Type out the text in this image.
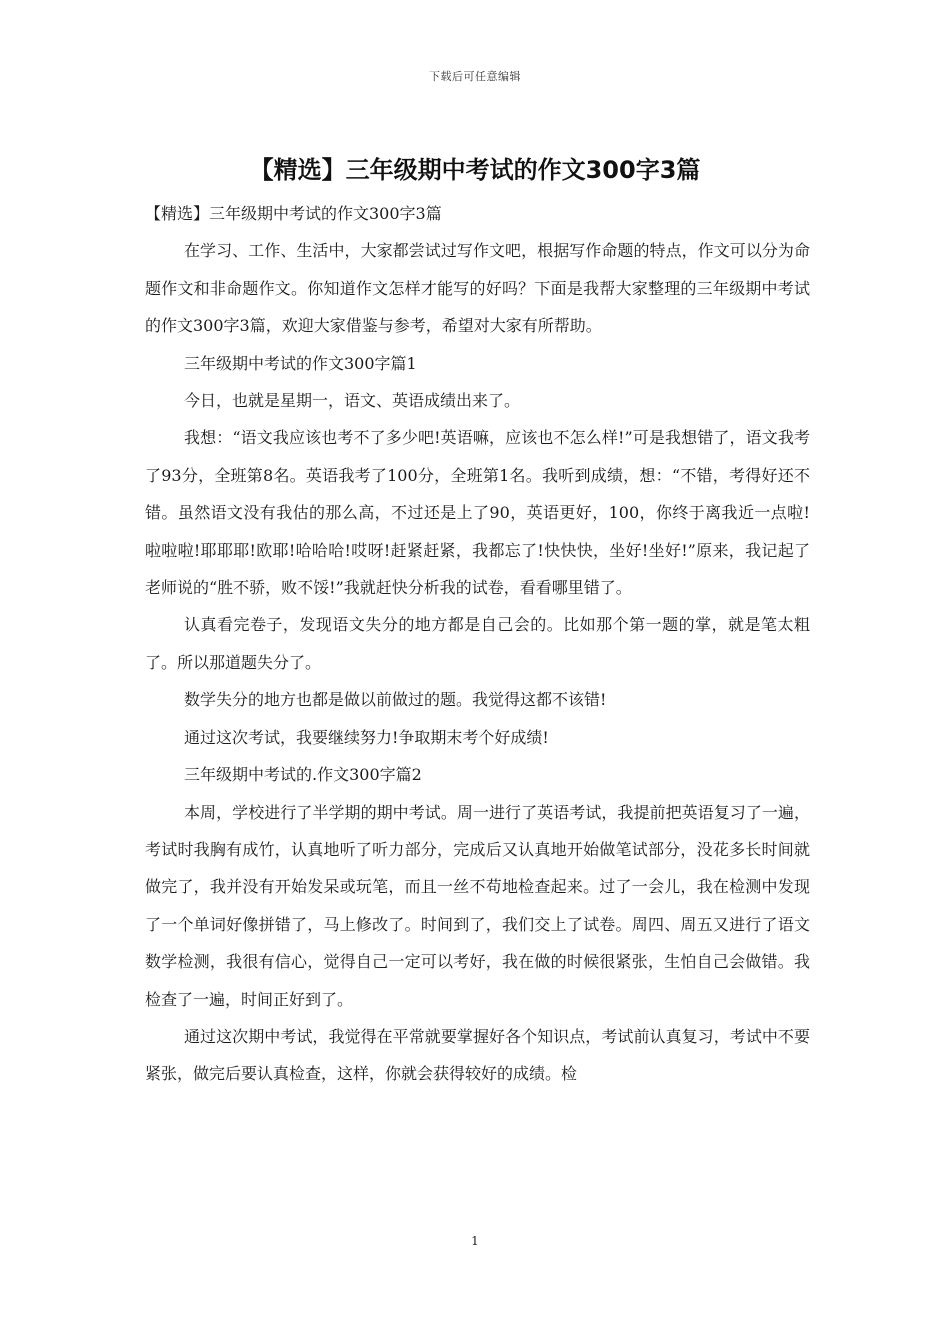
下载后可任意编辑
【精选】三年级期中考试的作文300字3篇

【精选】三年级期中考试的作文300字3篇

在学习、工作、生活中，大家都尝试过写作文吧，根据写作命题的特点，作文可以分为命题作文和非命题作文。你知道作文怎样才能写的好吗？下面是我帮大家整理的三年级期中考试的作文300字3篇，欢迎大家借鉴与参考，希望对大家有所帮助。

三年级期中考试的作文300字篇1

今日，也就是星期一，语文、英语成绩出来了。

我想：“语文我应该也考不了多少吧!英语嘛，应该也不怎么样!”可是我想错了，语文我考了93分，全班第8名。英语我考了100分，全班第1名。我听到成绩，想：“不错，考得好还不错。虽然语文没有我估的那么高，不过还是上了90，英语更好，100，你终于离我近一点啦!啦啦啦!耶耶耶!欧耶!哈哈哈!哎呀!赶紧赶紧，我都忘了!快快快，坐好!坐好!”原来，我记起了老师说的“胜不骄，败不馁!”我就赶快分析我的试卷，看看哪里错了。

认真看完卷子，发现语文失分的地方都是自己会的。比如那个第一题的掌，就是笔太粗了。所以那道题失分了。

数学失分的地方也都是做以前做过的题。我觉得这都不该错!

通过这次考试，我要继续努力!争取期末考个好成绩!

三年级期中考试的.作文300字篇2

本周，学校进行了半学期的期中考试。周一进行了英语考试，我提前把英语复习了一遍，考试时我胸有成竹，认真地听了听力部分，完成后又认真地开始做笔试部分，没花多长时间就做完了，我并没有开始发呆或玩笔，而且一丝不苟地检查起来。过了一会儿，我在检测中发现了一个单词好像拼错了，马上修改了。时间到了，我们交上了试卷。周四、周五又进行了语文数学检测，我很有信心，觉得自己一定可以考好，我在做的时候很紧张，生怕自己会做错。我检查了一遍，时间正好到了。

通过这次期中考试，我觉得在平常就要掌握好各个知识点，考试前认真复习，考试中不要紧张，做完后要认真检查，这样，你就会获得较好的成绩。检

1
